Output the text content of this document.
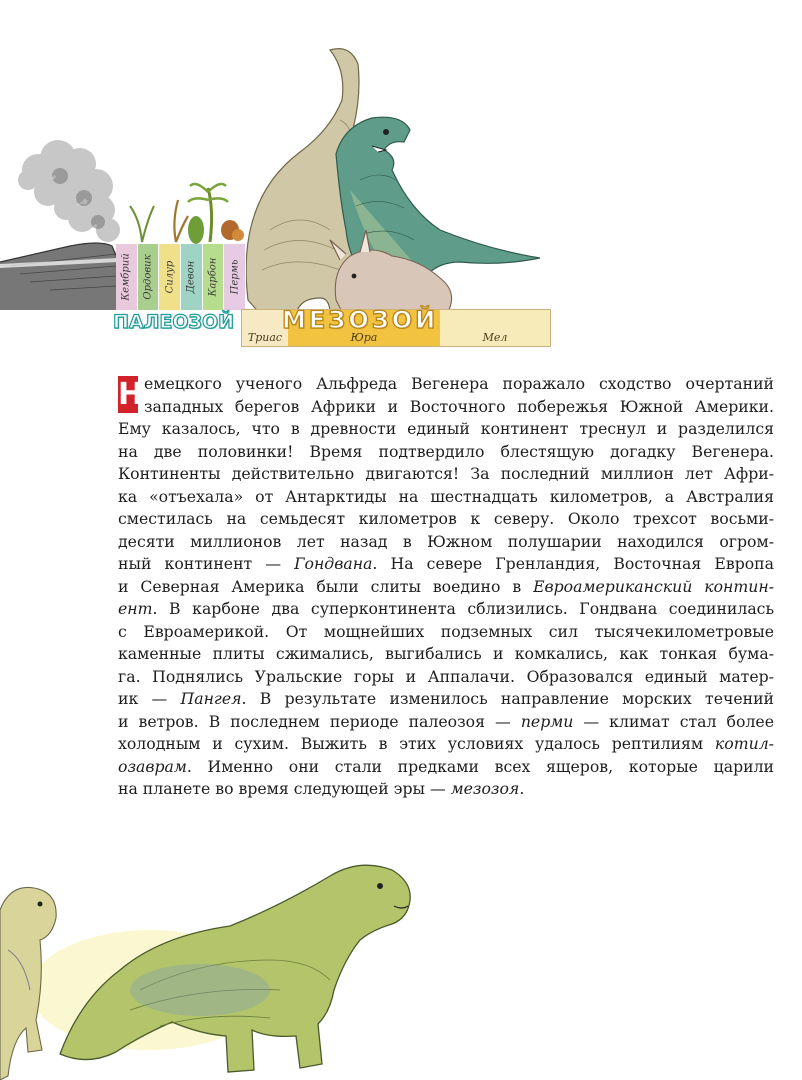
Кембрий Ордовик Силур Девон Карбон Пермь
ПАЛЕОЗОЙ
Триас	Юра	Мел
МЕЗОЗОЙ
Н емецкого ученого Альфреда Вегенера поражало сходство очертаний
западных берегов Африки и Восточного побережья Южной Америки.
Ему казалось, что в древности единый континент треснул и разделился
на две половинки! Время подтвердило блестящую догадку Вегенера.
Континенты действительно двигаются! За последний миллион лет Афри-
ка «отъехала» от Антарктиды на шестнадцать километров, а Австралия
сместилась на семьдесят километров к северу. Около трехсот восьми-
десяти миллионов лет назад в Южном полушарии находился огром-
ный континент — Гондвана. На севере Гренландия, Восточная Европа
и Северная Америка были слиты воедино в Евроамериканский контин-
ент. В карбоне два суперконтинента сблизились. Гондвана соединилась
с Евроамерикой. От мощнейших подземных сил тысячекилометровые
каменные плиты сжимались, выгибались и комкались, как тонкая бума-
га. Поднялись Уральские горы и Аппалачи. Образовался единый матер-
ик — Пангея. В результате изменилось направление морских течений
и ветров. В последнем периоде палеозоя — перми — климат стал более
холодным и сухим. Выжить в этих условиях удалось рептилиям котил-
озаврам. Именно они стали предками всех ящеров, которые царили
на планете во время следующей эры — мезозоя.
